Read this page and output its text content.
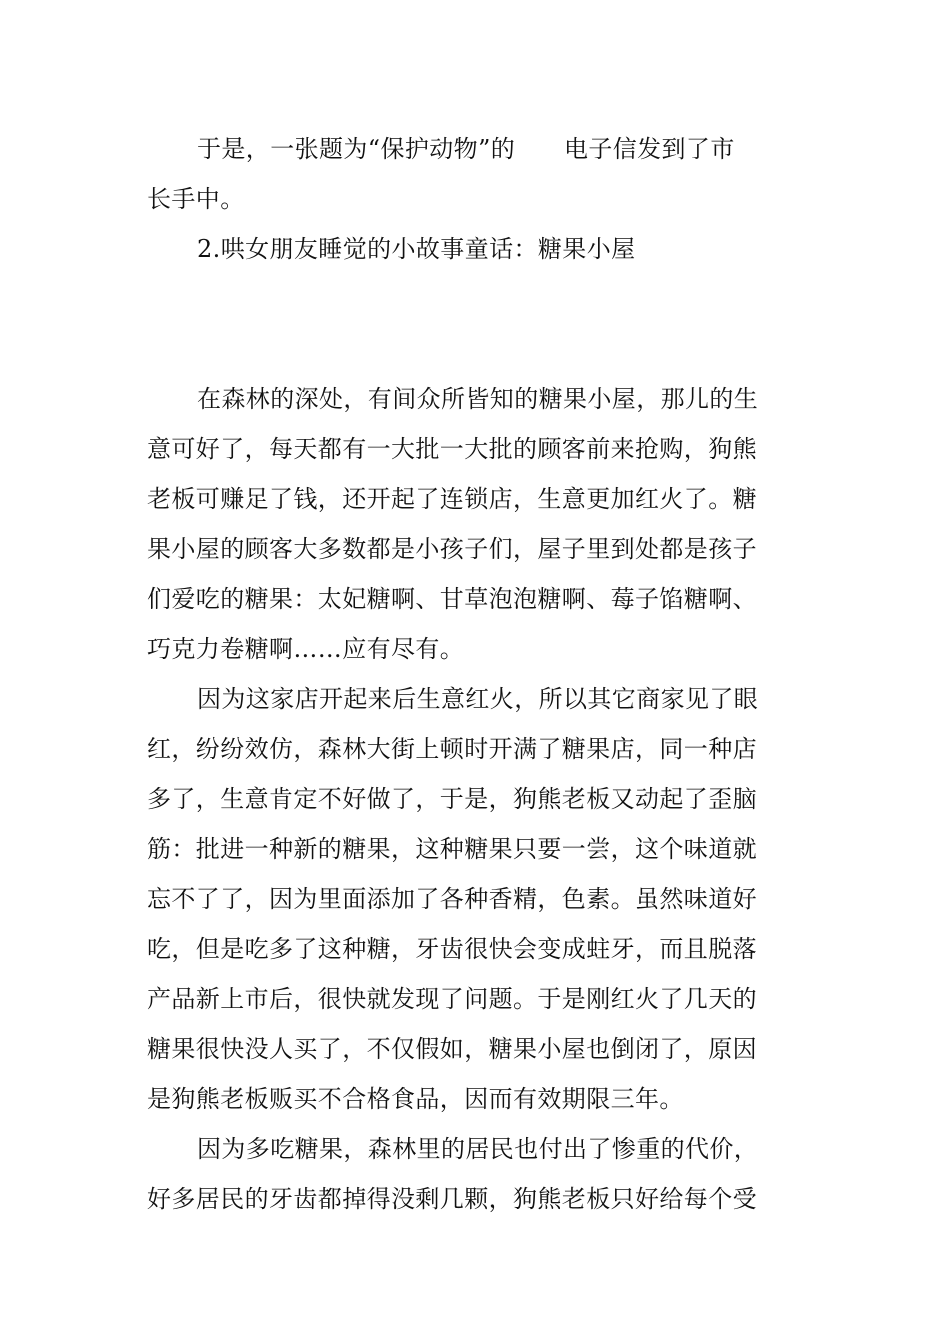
于是，一张题为“保护动物”的　　电子信发到了市
长手中。
2.哄女朋友睡觉的小故事童话：糖果小屋
在森林的深处，有间众所皆知的糖果小屋，那儿的生
意可好了，每天都有一大批一大批的顾客前来抢购，狗熊
老板可赚足了钱，还开起了连锁店，生意更加红火了。糖
果小屋的顾客大多数都是小孩子们，屋子里到处都是孩子
们爱吃的糖果：太妃糖啊、甘草泡泡糖啊、莓子馅糖啊、
巧克力卷糖啊……应有尽有。
因为这家店开起来后生意红火，所以其它商家见了眼
红，纷纷效仿，森林大街上顿时开满了糖果店，同一种店
多了，生意肯定不好做了，于是，狗熊老板又动起了歪脑
筋：批进一种新的糖果，这种糖果只要一尝，这个味道就
忘不了了，因为里面添加了各种香精，色素。虽然味道好
吃，但是吃多了这种糖，牙齿很快会变成蛀牙，而且脱落
产品新上市后，很快就发现了问题。于是刚红火了几天的
糖果很快没人买了，不仅假如，糖果小屋也倒闭了，原因
是狗熊老板贩买不合格食品，因而有效期限三年。
因为多吃糖果，森林里的居民也付出了惨重的代价，
好多居民的牙齿都掉得没剩几颗，狗熊老板只好给每个受
